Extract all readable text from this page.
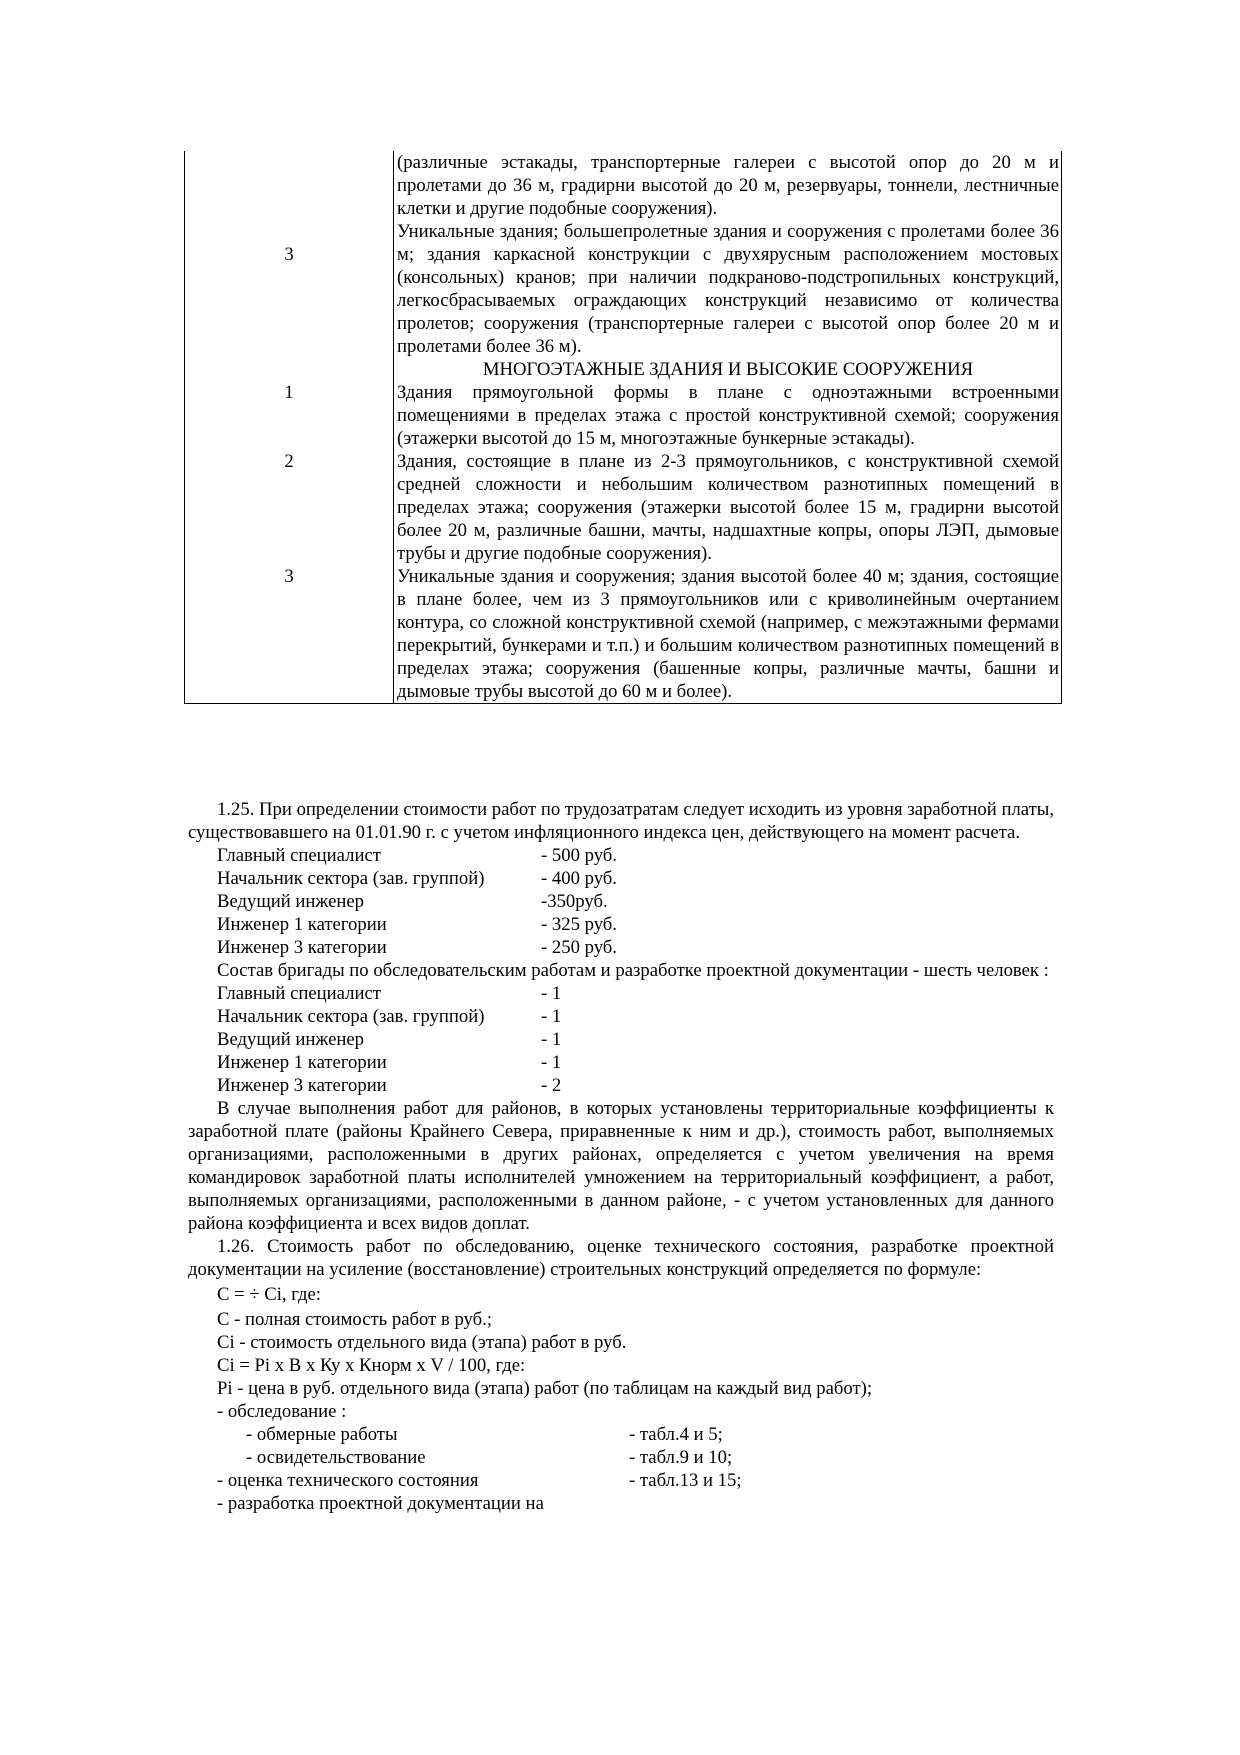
	(различные эстакады, транспортерные галереи с высотой опор до 20 м и пролетами до 36 м, градирни высотой до 20 м, резервуары, тоннели, лестничные клетки и другие подобные сооружения).
3	Уникальные здания; большепролетные здания и сооружения с пролетами более 36 м; здания каркасной конструкции с двухярусным расположением мостовых (консольных) кранов; при наличии подкраново-подстропильных конструкций, легкосбрасываемых ограждающих конструкций независимо от количества пролетов; сооружения (транспортерные галереи с высотой опор более 20 м и пролетами более 36 м).
	МНОГОЭТАЖНЫЕ ЗДАНИЯ И ВЫСОКИЕ СООРУЖЕНИЯ
1	Здания прямоугольной формы в плане с одноэтажными встроенными помещениями в пределах этажа с простой конструктивной схемой; сооружения (этажерки высотой до 15 м, многоэтажные бункерные эстакады).
2	Здания, состоящие в плане из 2-3 прямоугольников, с конструктивной схемой средней сложности и небольшим количеством разнотипных помещений в пределах этажа; сооружения (этажерки высотой более 15 м, градирни высотой более 20 м, различные башни, мачты, надшахтные копры, опоры ЛЭП, дымовые трубы и другие подобные сооружения).
3	Уникальные здания и сооружения; здания высотой более 40 м; здания, состоящие в плане более, чем из 3 прямоугольников или с криволинейным очертанием контура, со сложной конструктивной схемой (например, с межэтажными фермами перекрытий, бункерами и т.п.) и большим количеством разнотипных помещений в пределах этажа; сооружения (башенные копры, различные мачты, башни и дымовые трубы высотой до 60 м и более).

1.25. При определении стоимости работ по трудозатратам следует исходить из уровня заработной платы, существовавшего на 01.01.90 г. с учетом инфляционного индекса цен, действующего на момент расчета.

Главный специалист	- 500 руб.
Начальник сектора (зав. группой)	- 400 руб.
Ведущий инженер	-350руб.
Инженер 1 категории	- 325 руб.
Инженер 3 категории	- 250 руб.

Состав бригады по обследовательским работам и разработке проектной документации - шесть человек :

Главный специалист	- 1
Начальник сектора (зав. группой)	- 1
Ведущий инженер	- 1
Инженер 1 категории	- 1
Инженер 3 категории	- 2

В случае выполнения работ для районов, в которых установлены территориальные коэффициенты к заработной плате (районы Крайнего Севера, приравненные к ним и др.), стоимость работ, выполняемых организациями, расположенными в других районах, определяется с учетом увеличения на время командировок заработной платы исполнителей умножением на территориальный коэффициент, а работ, выполняемых организациями, расположенными в данном районе, - с учетом установленных для данного района коэффициента и всех видов доплат.

1.26. Стоимость работ по обследованию, оценке технического состояния, разработке проектной документации на усиление (восстановление) строительных конструкций определяется по формуле:

С = ÷ Сi, где:

С - полная стоимость работ в руб.;

Сi - стоимость отдельного вида (этапа) работ в руб.

Сi = Рi х В х Ку х Кнорм х V / 100, где:

Рi - цена в руб. отдельного вида (этапа) работ (по таблицам на каждый вид работ);

- обследование :

- обмерные работы	- табл.4 и 5;
- освидетельствование	- табл.9 и 10;
- оценка технического состояния	- табл.13 и 15;
- разработка проектной документации на
